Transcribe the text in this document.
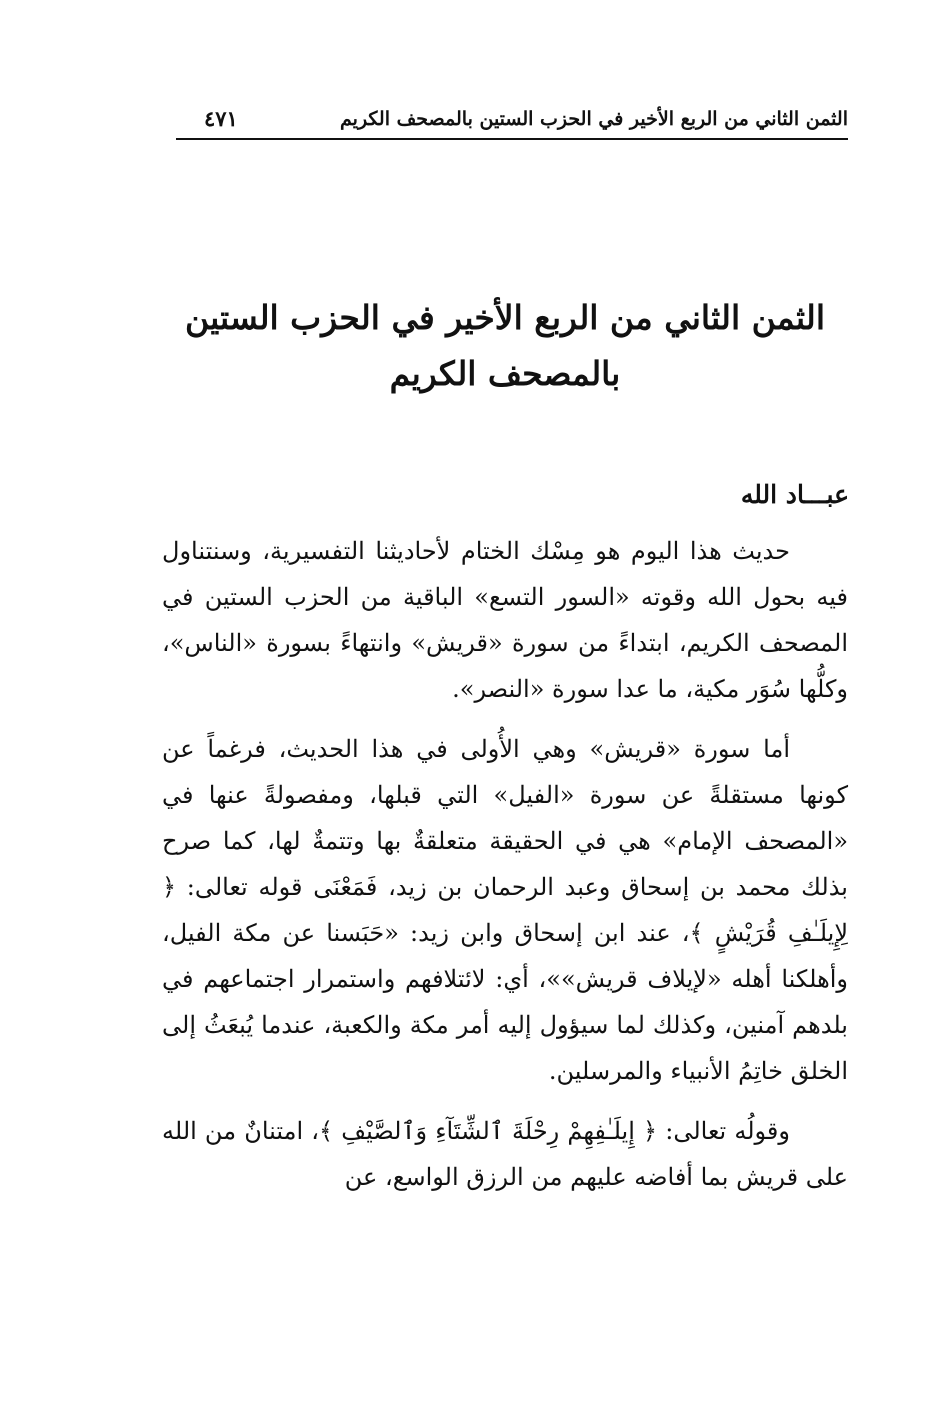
الثمن الثاني من الربع الأخير في الحزب الستين بالمصحف الكريم
٤٧١
الثمن الثاني من الربع الأخير في الحزب الستين
بالمصحف الكريم
عبـــاد الله

حديث هذا اليوم هو مِسْك الختام لأحاديثنا التفسيرية، وسنتناول فيه بحول الله وقوته «السور التسع» الباقية من الحزب الستين في المصحف الكريم، ابتداءً من سورة «قريش» وانتهاءً بسورة «الناس»، وكلُّها سُوَر مكية، ما عدا سورة «النصر».

أما سورة «قريش» وهي الأُولى في هذا الحديث، فرغماً عن كونها مستقلةً عن سورة «الفيل» التي قبلها، ومفصولةً عنها في «المصحف الإمام» هي في الحقيقة متعلقةٌ بها وتتمةٌ لها، كما صرح بذلك محمد بن إسحاق وعبد الرحمان بن زيد، فَمَعْنَى قوله تعالى: ﴿ لِإِيلَـٰفِ قُرَيْشٍ ﴾، عند ابن إسحاق وابن زيد: «حَبَسنا عن مكة الفيل، وأهلكنا أهله «لإيلاف قريش»»، أي: لائتلافهم واستمرار اجتماعهم في بلدهم آمنين، وكذلك لما سيؤول إليه أمر مكة والكعبة، عندما يُبعَثُ إلى الخلق خاتِمُ الأنبياء والمرسلين.

وقولُه تعالى: ﴿ إِيلَـٰفِهِمْ رِحْلَةَ ٱلشِّتَآءِ وَٱلصَّيْفِ ﴾، امتنانٌ من الله على قريش بما أفاضه عليهم من الرزق الواسع، عن
